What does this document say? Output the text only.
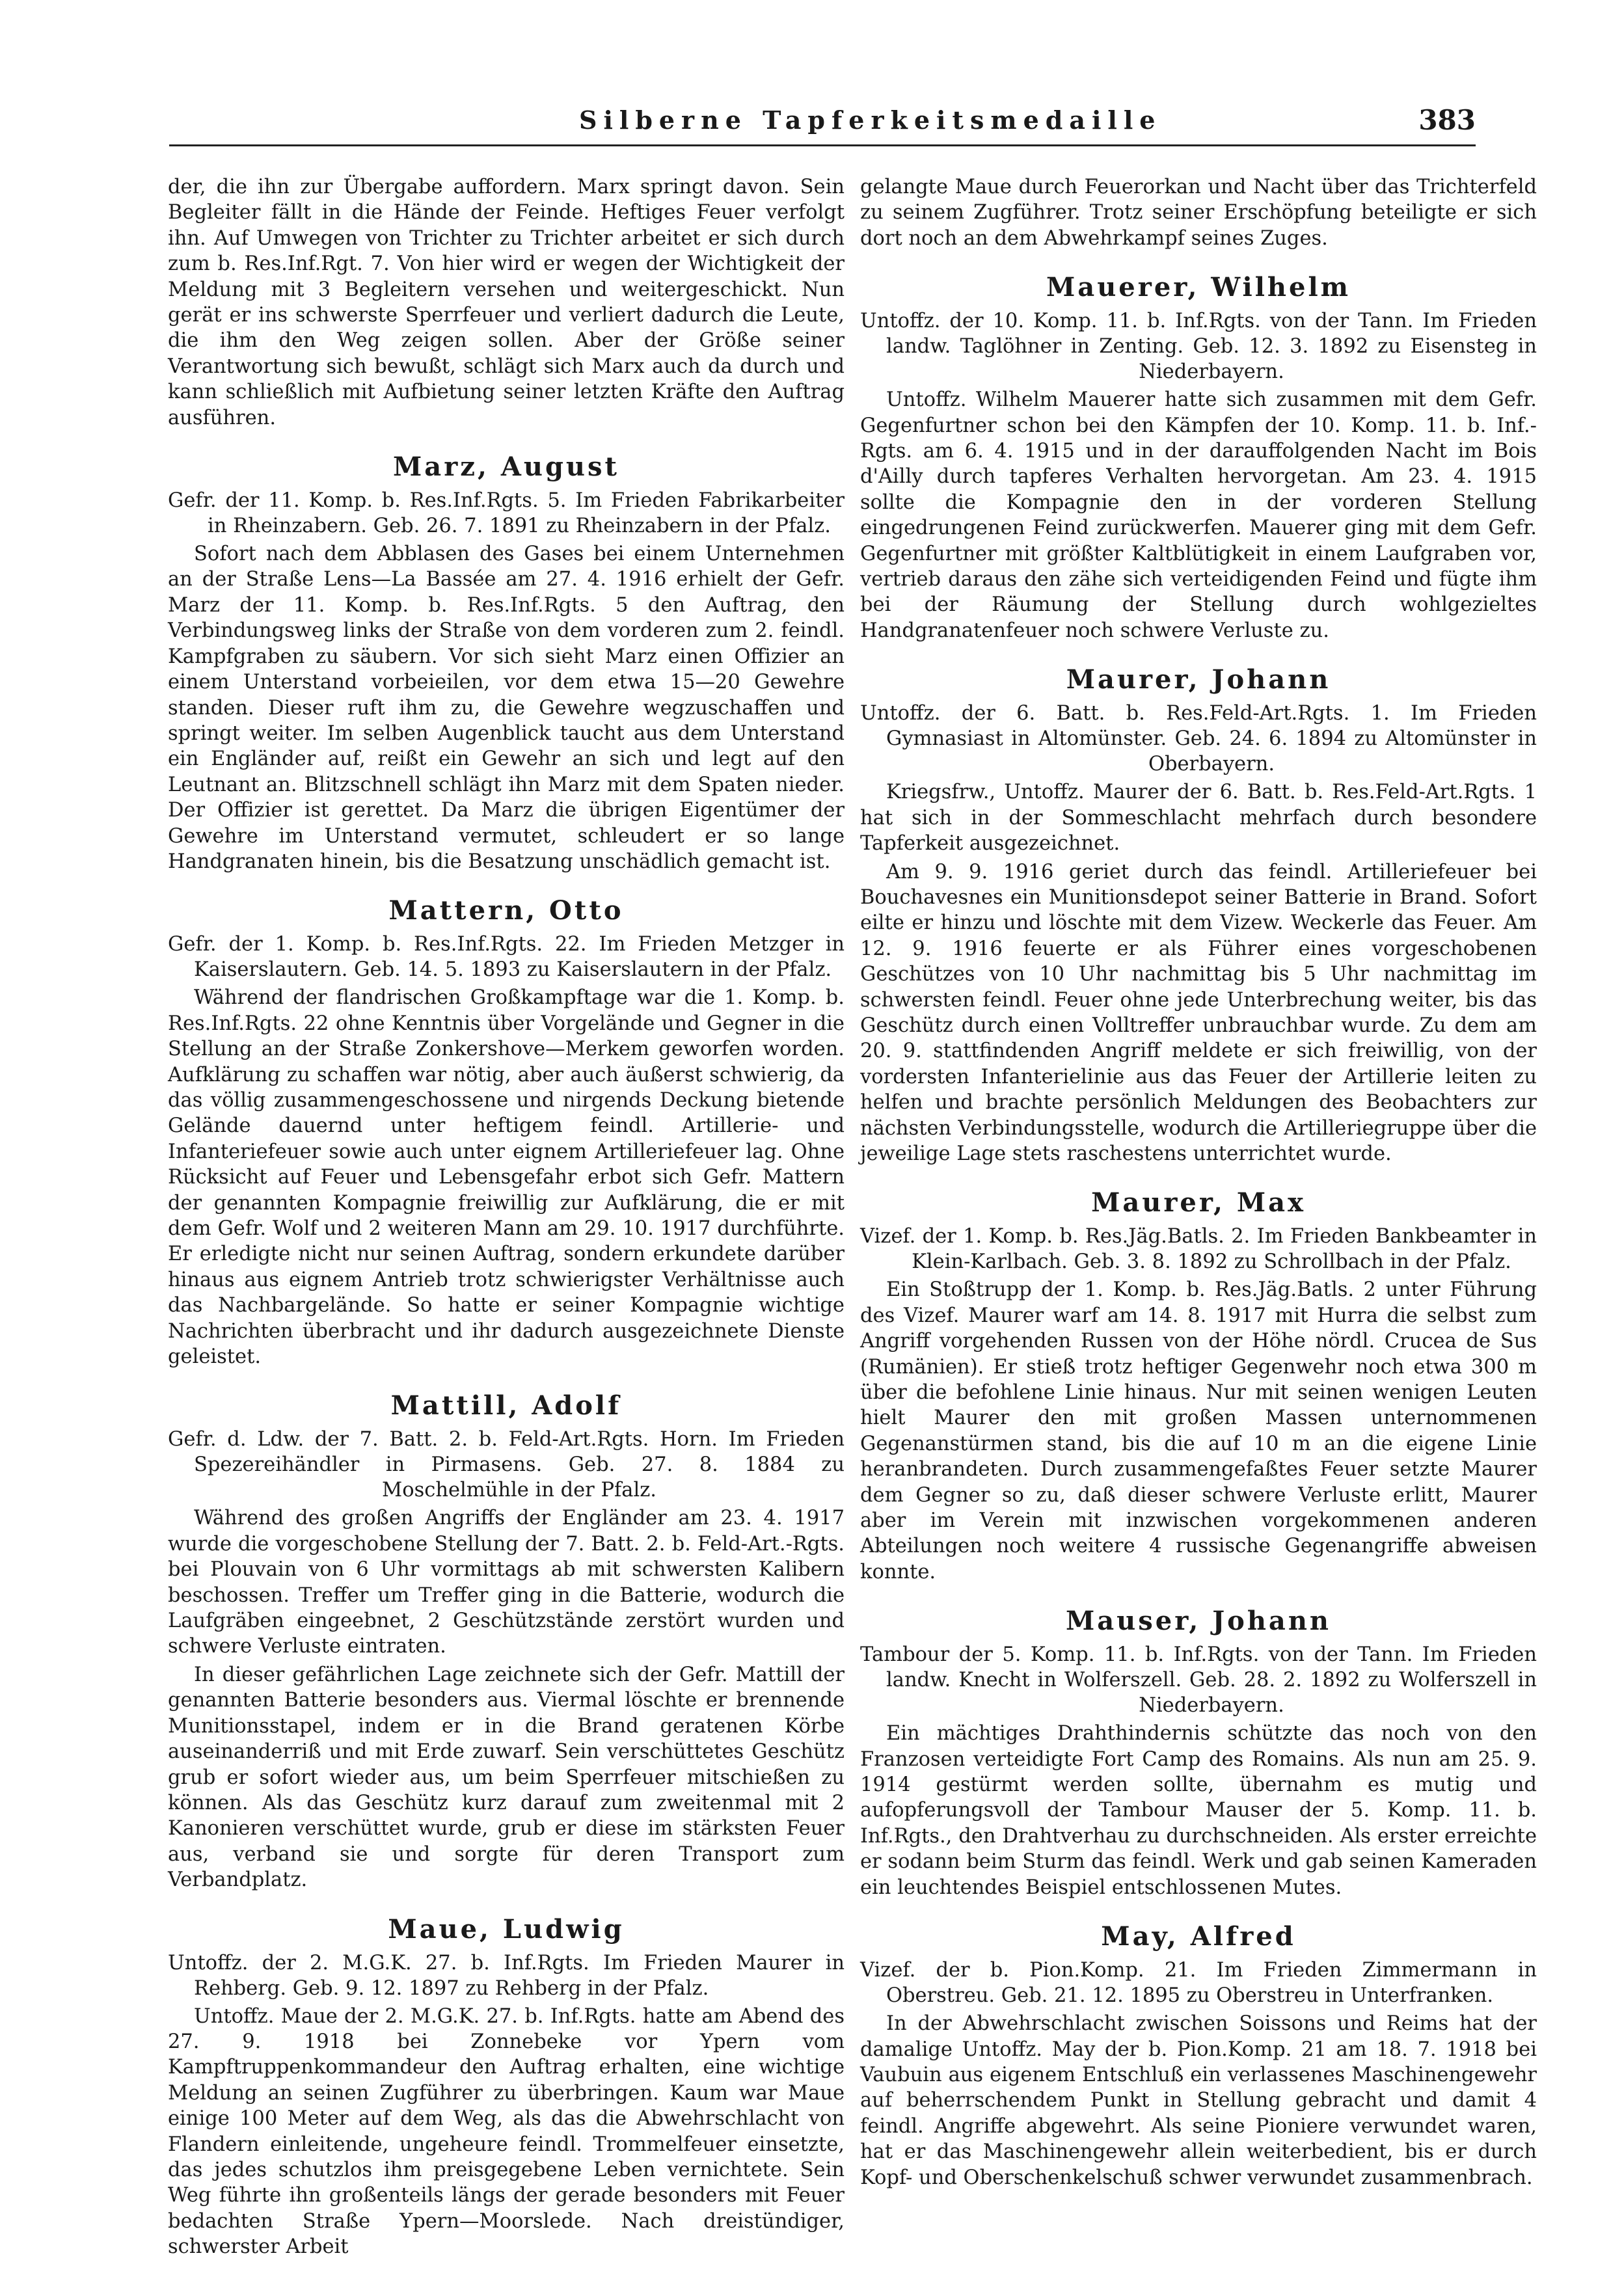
Silberne Tapferkeitsmedaille	383

der, die ihn zur Übergabe auffordern. Marx springt davon. Sein Begleiter fällt in die Hände der Feinde. Heftiges Feuer verfolgt ihn. Auf Umwegen von Trichter zu Trichter arbeitet er sich durch zum b. Res.Inf.Rgt. 7. Von hier wird er wegen der Wichtigkeit der Meldung mit 3 Begleitern versehen und weitergeschickt. Nun gerät er ins schwerste Sperrfeuer und verliert dadurch die Leute, die ihm den Weg zeigen sollen. Aber der Größe seiner Verantwortung sich bewußt, schlägt sich Marx auch da durch und kann schließlich mit Aufbietung seiner letzten Kräfte den Auftrag ausführen.

Marz, August

Gefr. der 11. Komp. b. Res.Inf.Rgts. 5. Im Frieden Fabrikarbeiter in Rheinzabern. Geb. 26. 7. 1891 zu Rheinzabern in der Pfalz.

Sofort nach dem Abblasen des Gases bei einem Unternehmen an der Straße Lens—La Bassée am 27. 4. 1916 erhielt der Gefr. Marz der 11. Komp. b. Res.Inf.Rgts. 5 den Auftrag, den Verbindungsweg links der Straße von dem vorderen zum 2. feindl. Kampfgraben zu säubern. Vor sich sieht Marz einen Offizier an einem Unterstand vorbeieilen, vor dem etwa 15—20 Gewehre standen. Dieser ruft ihm zu, die Gewehre wegzuschaffen und springt weiter. Im selben Augenblick taucht aus dem Unterstand ein Engländer auf, reißt ein Gewehr an sich und legt auf den Leutnant an. Blitzschnell schlägt ihn Marz mit dem Spaten nieder. Der Offizier ist gerettet. Da Marz die übrigen Eigentümer der Gewehre im Unterstand vermutet, schleudert er so lange Handgranaten hinein, bis die Besatzung unschädlich gemacht ist.

Mattern, Otto

Gefr. der 1. Komp. b. Res.Inf.Rgts. 22. Im Frieden Metzger in Kaiserslautern. Geb. 14. 5. 1893 zu Kaiserslautern in der Pfalz.

Während der flandrischen Großkampftage war die 1. Komp. b. Res.Inf.Rgts. 22 ohne Kenntnis über Vorgelände und Gegner in die Stellung an der Straße Zonkershove—Merkem geworfen worden. Aufklärung zu schaffen war nötig, aber auch äußerst schwierig, da das völlig zusammengeschossene und nirgends Deckung bietende Gelände dauernd unter heftigem feindl. Artillerie- und Infanteriefeuer sowie auch unter eignem Artilleriefeuer lag. Ohne Rücksicht auf Feuer und Lebensgefahr erbot sich Gefr. Mattern der genannten Kompagnie freiwillig zur Aufklärung, die er mit dem Gefr. Wolf und 2 weiteren Mann am 29. 10. 1917 durchführte. Er erledigte nicht nur seinen Auftrag, sondern erkundete darüber hinaus aus eignem Antrieb trotz schwierigster Verhältnisse auch das Nachbargelände. So hatte er seiner Kompagnie wichtige Nachrichten überbracht und ihr dadurch ausgezeichnete Dienste geleistet.

Mattill, Adolf

Gefr. d. Ldw. der 7. Batt. 2. b. Feld-Art.Rgts. Horn. Im Frieden Spezereihändler in Pirmasens. Geb. 27. 8. 1884 zu Moschelmühle in der Pfalz.

Während des großen Angriffs der Engländer am 23. 4. 1917 wurde die vorgeschobene Stellung der 7. Batt. 2. b. Feld-Art.-Rgts. bei Plouvain von 6 Uhr vormittags ab mit schwersten Kalibern beschossen. Treffer um Treffer ging in die Batterie, wodurch die Laufgräben eingeebnet, 2 Geschützstände zerstört wurden und schwere Verluste eintraten.

In dieser gefährlichen Lage zeichnete sich der Gefr. Mattill der genannten Batterie besonders aus. Viermal löschte er brennende Munitionsstapel, indem er in die Brand geratenen Körbe auseinanderriß und mit Erde zuwarf. Sein verschüttetes Geschütz grub er sofort wieder aus, um beim Sperrfeuer mitschießen zu können. Als das Geschütz kurz darauf zum zweitenmal mit 2 Kanonieren verschüttet wurde, grub er diese im stärksten Feuer aus, verband sie und sorgte für deren Transport zum Verbandplatz.

Maue, Ludwig

Untoffz. der 2. M.G.K. 27. b. Inf.Rgts. Im Frieden Maurer in Rehberg. Geb. 9. 12. 1897 zu Rehberg in der Pfalz.

Untoffz. Maue der 2. M.G.K. 27. b. Inf.Rgts. hatte am Abend des 27. 9. 1918 bei Zonnebeke vor Ypern vom Kampftruppenkommandeur den Auftrag erhalten, eine wichtige Meldung an seinen Zugführer zu überbringen. Kaum war Maue einige 100 Meter auf dem Weg, als das die Abwehrschlacht von Flandern einleitende, ungeheure feindl. Trommelfeuer einsetzte, das jedes schutzlos ihm preisgegebene Leben vernichtete. Sein Weg führte ihn großenteils längs der gerade besonders mit Feuer bedachten Straße Ypern—Moorslede. Nach dreistündiger, schwerster Arbeit

gelangte Maue durch Feuerorkan und Nacht über das Trichterfeld zu seinem Zugführer. Trotz seiner Erschöpfung beteiligte er sich dort noch an dem Abwehrkampf seines Zuges.

Mauerer, Wilhelm

Untoffz. der 10. Komp. 11. b. Inf.Rgts. von der Tann. Im Frieden landw. Taglöhner in Zenting. Geb. 12. 3. 1892 zu Eisensteg in Niederbayern.

Untoffz. Wilhelm Mauerer hatte sich zusammen mit dem Gefr. Gegenfurtner schon bei den Kämpfen der 10. Komp. 11. b. Inf.-Rgts. am 6. 4. 1915 und in der darauffolgenden Nacht im Bois d'Ailly durch tapferes Verhalten hervorgetan. Am 23. 4. 1915 sollte die Kompagnie den in der vorderen Stellung eingedrungenen Feind zurückwerfen. Mauerer ging mit dem Gefr. Gegenfurtner mit größter Kaltblütigkeit in einem Laufgraben vor, vertrieb daraus den zähe sich verteidigenden Feind und fügte ihm bei der Räumung der Stellung durch wohlgezieltes Handgranatenfeuer noch schwere Verluste zu.

Maurer, Johann

Untoffz. der 6. Batt. b. Res.Feld-Art.Rgts. 1. Im Frieden Gymnasiast in Altomünster. Geb. 24. 6. 1894 zu Altomünster in Oberbayern.

Kriegsfrw., Untoffz. Maurer der 6. Batt. b. Res.Feld-Art.Rgts. 1 hat sich in der Sommeschlacht mehrfach durch besondere Tapferkeit ausgezeichnet.

Am 9. 9. 1916 geriet durch das feindl. Artilleriefeuer bei Bouchavesnes ein Munitionsdepot seiner Batterie in Brand. Sofort eilte er hinzu und löschte mit dem Vizew. Weckerle das Feuer. Am 12. 9. 1916 feuerte er als Führer eines vorgeschobenen Geschützes von 10 Uhr nachmittag bis 5 Uhr nachmittag im schwersten feindl. Feuer ohne jede Unterbrechung weiter, bis das Geschütz durch einen Volltreffer unbrauchbar wurde. Zu dem am 20. 9. stattfindenden Angriff meldete er sich freiwillig, von der vordersten Infanterielinie aus das Feuer der Artillerie leiten zu helfen und brachte persönlich Meldungen des Beobachters zur nächsten Verbindungsstelle, wodurch die Artilleriegruppe über die jeweilige Lage stets raschestens unterrichtet wurde.

Maurer, Max

Vizef. der 1. Komp. b. Res.Jäg.Batls. 2. Im Frieden Bankbeamter in Klein-Karlbach. Geb. 3. 8. 1892 zu Schrollbach in der Pfalz.

Ein Stoßtrupp der 1. Komp. b. Res.Jäg.Batls. 2 unter Führung des Vizef. Maurer warf am 14. 8. 1917 mit Hurra die selbst zum Angriff vorgehenden Russen von der Höhe nördl. Crucea de Sus (Rumänien). Er stieß trotz heftiger Gegenwehr noch etwa 300 m über die befohlene Linie hinaus. Nur mit seinen wenigen Leuten hielt Maurer den mit großen Massen unternommenen Gegenanstürmen stand, bis die auf 10 m an die eigene Linie heranbrandeten. Durch zusammengefaßtes Feuer setzte Maurer dem Gegner so zu, daß dieser schwere Verluste erlitt, Maurer aber im Verein mit inzwischen vorgekommenen anderen Abteilungen noch weitere 4 russische Gegenangriffe abweisen konnte.

Mauser, Johann

Tambour der 5. Komp. 11. b. Inf.Rgts. von der Tann. Im Frieden landw. Knecht in Wolferszell. Geb. 28. 2. 1892 zu Wolferszell in Niederbayern.

Ein mächtiges Drahthindernis schützte das noch von den Franzosen verteidigte Fort Camp des Romains. Als nun am 25. 9. 1914 gestürmt werden sollte, übernahm es mutig und aufopferungsvoll der Tambour Mauser der 5. Komp. 11. b. Inf.Rgts., den Drahtverhau zu durchschneiden. Als erster erreichte er sodann beim Sturm das feindl. Werk und gab seinen Kameraden ein leuchtendes Beispiel entschlossenen Mutes.

May, Alfred

Vizef. der b. Pion.Komp. 21. Im Frieden Zimmermann in Oberstreu. Geb. 21. 12. 1895 zu Oberstreu in Unterfranken.

In der Abwehrschlacht zwischen Soissons und Reims hat der damalige Untoffz. May der b. Pion.Komp. 21 am 18. 7. 1918 bei Vaubuin aus eigenem Entschluß ein verlassenes Maschinengewehr auf beherrschendem Punkt in Stellung gebracht und damit 4 feindl. Angriffe abgewehrt. Als seine Pioniere verwundet waren, hat er das Maschinengewehr allein weiterbedient, bis er durch Kopf- und Oberschenkelschuß schwer verwundet zusammenbrach.
